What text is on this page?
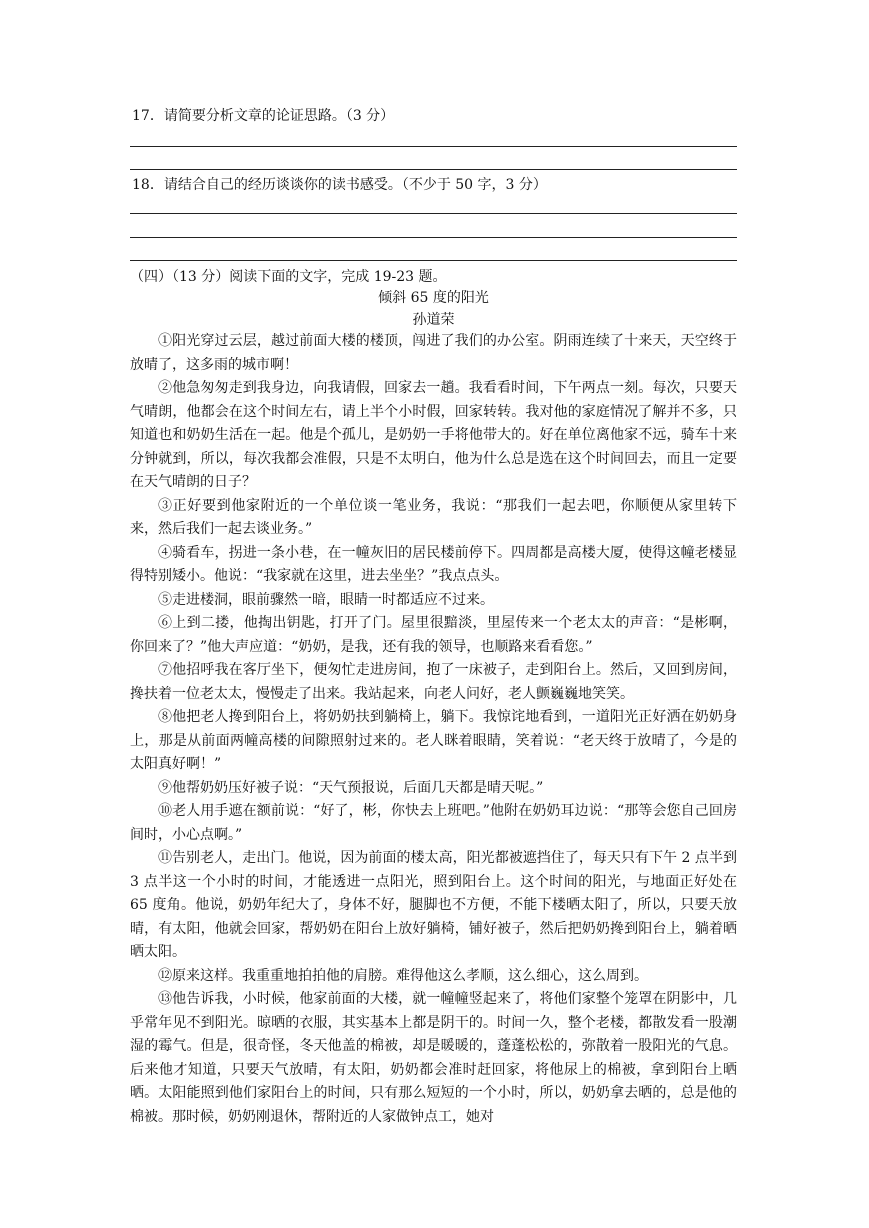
17．请简要分析文章的论证思路。（3 分）
18．请结合自己的经历谈谈你的读书感受。（不少于 50 字，3 分）
（四）（13 分）阅读下面的文字，完成 19-23 题。
倾斜 65 度的阳光
孙道荣

①阳光穿过云层，越过前面大楼的楼顶，闯进了我们的办公室。阴雨连续了十来天，天空终于放晴了，这多雨的城市啊！

②他急匆匆走到我身边，向我请假，回家去一趟。我看看时间，下午两点一刻。每次，只要天气晴朗，他都会在这个时间左右，请上半个小时假，回家转转。我对他的家庭情况了解并不多，只知道也和奶奶生活在一起。他是个孤儿，是奶奶一手将他带大的。好在单位离他家不远，骑车十来分钟就到，所以，每次我都会准假，只是不太明白，他为什么总是选在这个时间回去，而且一定要在天气晴朗的日子？

③正好要到他家附近的一个单位谈一笔业务，我说：“那我们一起去吧，你顺便从家里转下来，然后我们一起去谈业务。”

④骑看车，拐进一条小巷，在一幢灰旧的居民楼前停下。四周都是高楼大厦，使得这幢老楼显得特别矮小。他说：“我家就在这里，进去坐坐？”我点点头。

⑤走进楼洞，眼前骤然一暗，眼睛一时都适应不过来。

⑥上到二搂，他掏出钥匙，打开了门。屋里很黯淡，里屋传来一个老太太的声音：“是彬啊，你回来了？”他大声应道：“奶奶，是我，还有我的领导，也顺路来看看您。”

⑦他招呼我在客厅坐下，便匆忙走进房间，抱了一床被子，走到阳台上。然后，又回到房间，搀扶着一位老太太，慢慢走了出来。我站起来，向老人问好，老人颤巍巍地笑笑。

⑧他把老人搀到阳台上，将奶奶扶到躺椅上，躺下。我惊诧地看到，一道阳光正好洒在奶奶身上，那是从前面两幢高楼的间隙照射过来的。老人眯着眼睛，笑着说：“老天终于放晴了，今是的太阳真好啊！”

⑨他帮奶奶压好被子说：“天气预报说，后面几天都是晴天呢。”

⑩老人用手遮在额前说：“好了，彬，你快去上班吧。”他附在奶奶耳边说：“那等会您自己回房间时，小心点啊。”

⑪告别老人，走出门。他说，因为前面的楼太高，阳光都被遮挡住了，每天只有下午 2 点半到 3 点半这一个小时的时间，才能透进一点阳光，照到阳台上。这个时间的阳光，与地面正好处在 65 度角。他说，奶奶年纪大了，身体不好，腿脚也不方便，不能下楼晒太阳了，所以，只要天放晴，有太阳，他就会回家，帮奶奶在阳台上放好躺椅，铺好被子，然后把奶奶搀到阳台上，躺着晒晒太阳。

⑫原来这样。我重重地拍拍他的肩膀。难得他这么孝顺，这么细心，这么周到。

⑬他告诉我，小时候，他家前面的大楼，就一幢幢竖起来了，将他们家整个笼罩在阴影中，几乎常年见不到阳光。晾晒的衣服，其实基本上都是阴干的。时间一久，整个老楼，都散发看一股潮湿的霉气。但是，很奇怪，冬天他盖的棉被，却是暖暖的，蓬蓬松松的，弥散着一股阳光的气息。后来他才知道，只要天气放晴，有太阳，奶奶都会准时赶回家，将他尿上的棉被，拿到阳台上晒晒。太阳能照到他们家阳台上的时间，只有那么短短的一个小时，所以，奶奶拿去晒的，总是他的棉被。那时候，奶奶刚退休，帮附近的人家做钟点工，她对
